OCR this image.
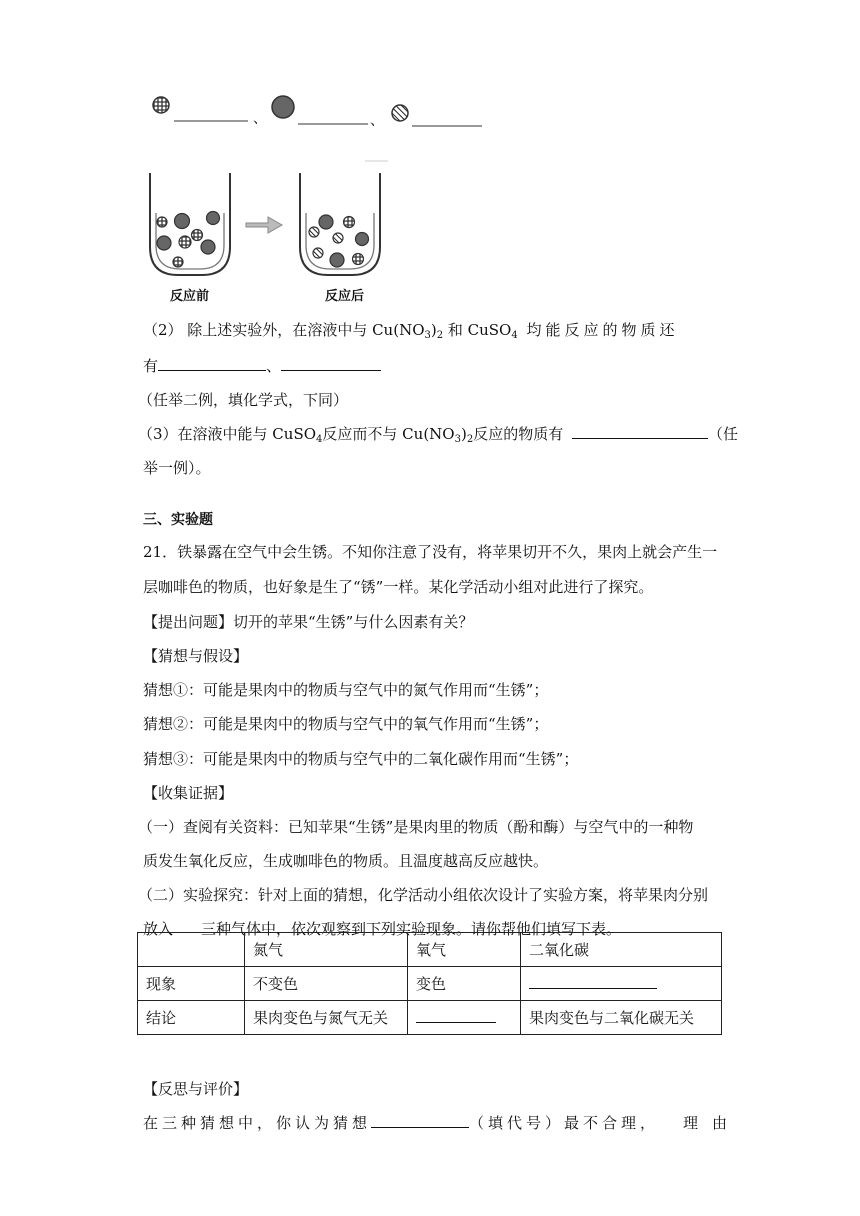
、	、
反应前	反应后
（2） 除上述实验外，在溶液中与 $Cu(NO_3)_2$ 和 CuSO$_4$ 均能反应的物质还
有	、
（任举二例，填化学式，下同）
（3）在溶液中能与 CuSO$_4$反应而不与 $Cu(NO_3)_2$反应的物质有	（任
举一例）。
三、实验题
21．铁暴露在空气中会生锈。不知你注意了没有，将苹果切开不久，果肉上就会产生一
层咖啡色的物质，也好象是生了“锈”一样。某化学活动小组对此进行了探究。
【提出问题】切开的苹果“生锈”与什么因素有关？
【猜想与假设】
猜想①：可能是果肉中的物质与空气中的氮气作用而“生锈”；
猜想②：可能是果肉中的物质与空气中的氧气作用而“生锈”；
猜想③：可能是果肉中的物质与空气中的二氧化碳作用而“生锈”；
【收集证据】
（一）查阅有关资料：已知苹果“生锈”是果肉里的物质（酚和酶）与空气中的一种物
质发生氧化反应，生成咖啡色的物质。且温度越高反应越快。
（二）实验探究：针对上面的猜想，化学活动小组依次设计了实验方案，将苹果肉分别
放入 三种气体中，依次观察到下列实验现象。请你帮他们填写下表。
	氮气	氧气	二氧化碳
现象	不变色	变色	
结论	果肉变色与氮气无关		果肉变色与二氧化碳无关
【反思与评价】
在三种猜想中，你认为猜想	（填代号）最不合理， 理由
